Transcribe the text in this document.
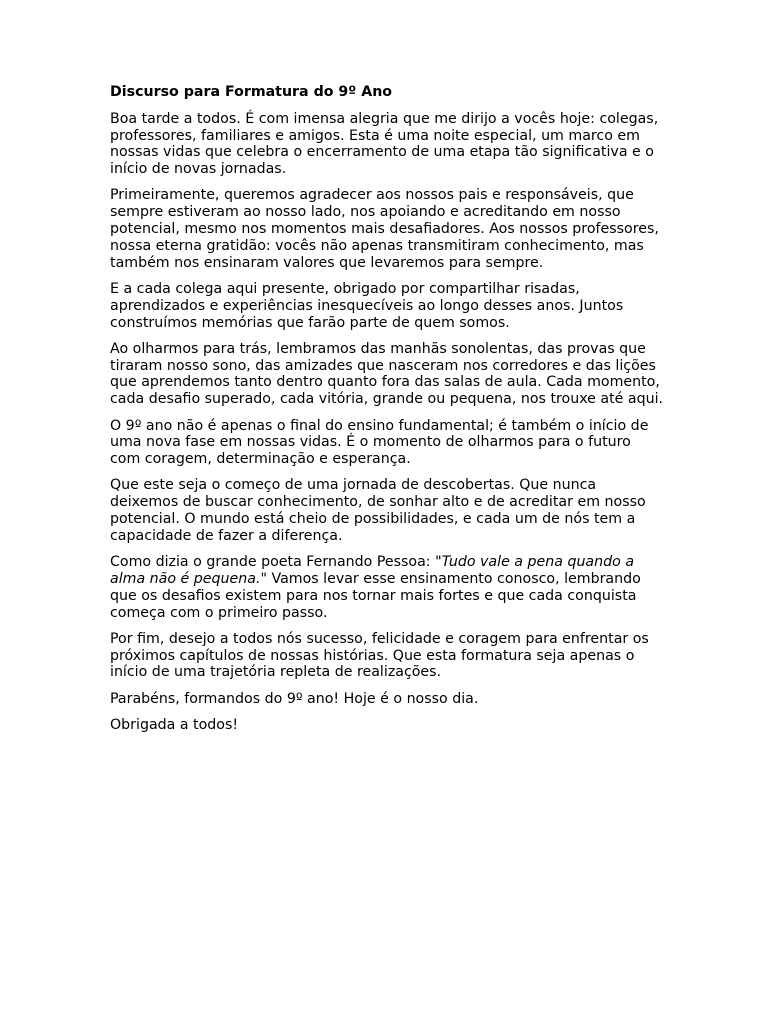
Discurso para Formatura do 9º Ano

Boa tarde a todos. É com imensa alegria que me dirijo a vocês hoje: colegas, professores, familiares e amigos. Esta é uma noite especial, um marco em nossas vidas que celebra o encerramento de uma etapa tão significativa e o início de novas jornadas.

Primeiramente, queremos agradecer aos nossos pais e responsáveis, que sempre estiveram ao nosso lado, nos apoiando e acreditando em nosso potencial, mesmo nos momentos mais desafiadores. Aos nossos professores, nossa eterna gratidão: vocês não apenas transmitiram conhecimento, mas também nos ensinaram valores que levaremos para sempre.

E a cada colega aqui presente, obrigado por compartilhar risadas, aprendizados e experiências inesquecíveis ao longo desses anos. Juntos construímos memórias que farão parte de quem somos.

Ao olharmos para trás, lembramos das manhãs sonolentas, das provas que tiraram nosso sono, das amizades que nasceram nos corredores e das lições que aprendemos tanto dentro quanto fora das salas de aula. Cada momento, cada desafio superado, cada vitória, grande ou pequena, nos trouxe até aqui.

O 9º ano não é apenas o final do ensino fundamental; é também o início de uma nova fase em nossas vidas. É o momento de olharmos para o futuro com coragem, determinação e esperança.

Que este seja o começo de uma jornada de descobertas. Que nunca deixemos de buscar conhecimento, de sonhar alto e de acreditar em nosso potencial. O mundo está cheio de possibilidades, e cada um de nós tem a capacidade de fazer a diferença.

Como dizia o grande poeta Fernando Pessoa: "Tudo vale a pena quando a alma não é pequena." Vamos levar esse ensinamento conosco, lembrando que os desafios existem para nos tornar mais fortes e que cada conquista começa com o primeiro passo.

Por fim, desejo a todos nós sucesso, felicidade e coragem para enfrentar os próximos capítulos de nossas histórias. Que esta formatura seja apenas o início de uma trajetória repleta de realizações.

Parabéns, formandos do 9º ano! Hoje é o nosso dia.

Obrigada a todos!
